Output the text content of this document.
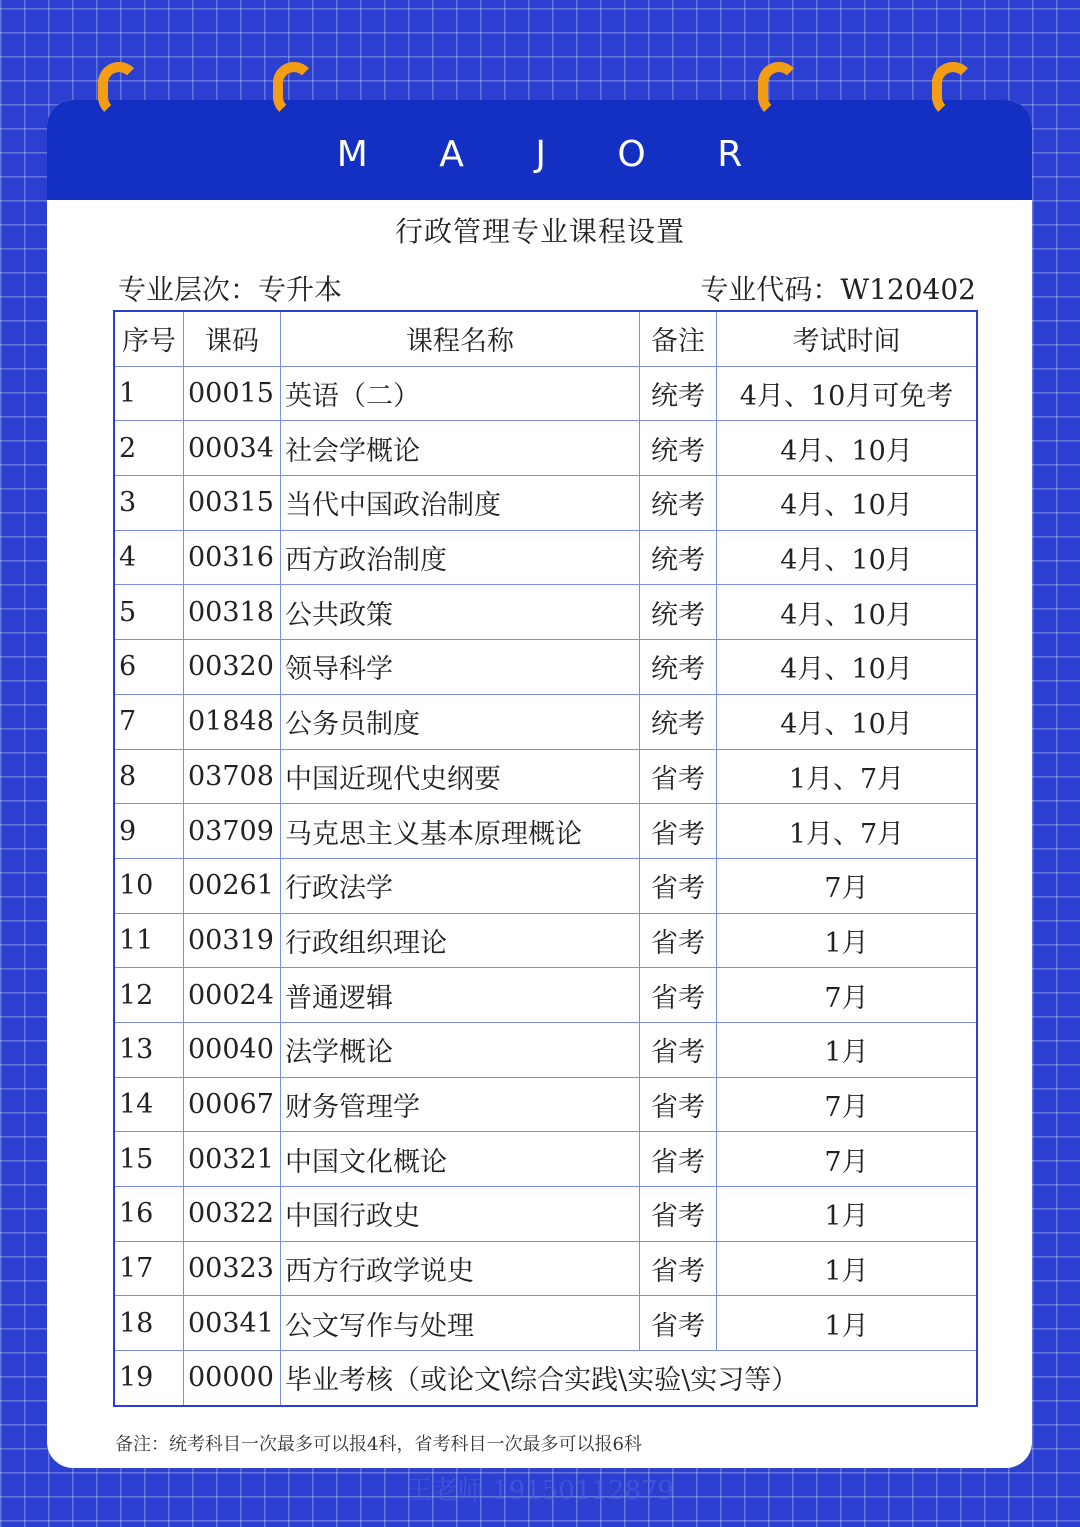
M A J O R
行政管理专业课程设置
专业层次：专升本	专业代码：W120402
序号	课码	课程名称	备注	考试时间
1	00015	英语（二）	统考	4月、10月可免考
2	00034	社会学概论	统考	4月、10月
3	00315	当代中国政治制度	统考	4月、10月
4	00316	西方政治制度	统考	4月、10月
5	00318	公共政策	统考	4月、10月
6	00320	领导科学	统考	4月、10月
7	01848	公务员制度	统考	4月、10月
8	03708	中国近现代史纲要	省考	1月、7月
9	03709	马克思主义基本原理概论	省考	1月、7月
10	00261	行政法学	省考	7月
11	00319	行政组织理论	省考	1月
12	00024	普通逻辑	省考	7月
13	00040	法学概论	省考	1月
14	00067	财务管理学	省考	7月
15	00321	中国文化概论	省考	7月
16	00322	中国行政史	省考	1月
17	00323	西方行政学说史	省考	1月
18	00341	公文写作与处理	省考	1月
19	00000	毕业考核（或论文\综合实践\实验\实习等）		
备注：统考科目一次最多可以报4科，省考科目一次最多可以报6科
王老师 19150112879
